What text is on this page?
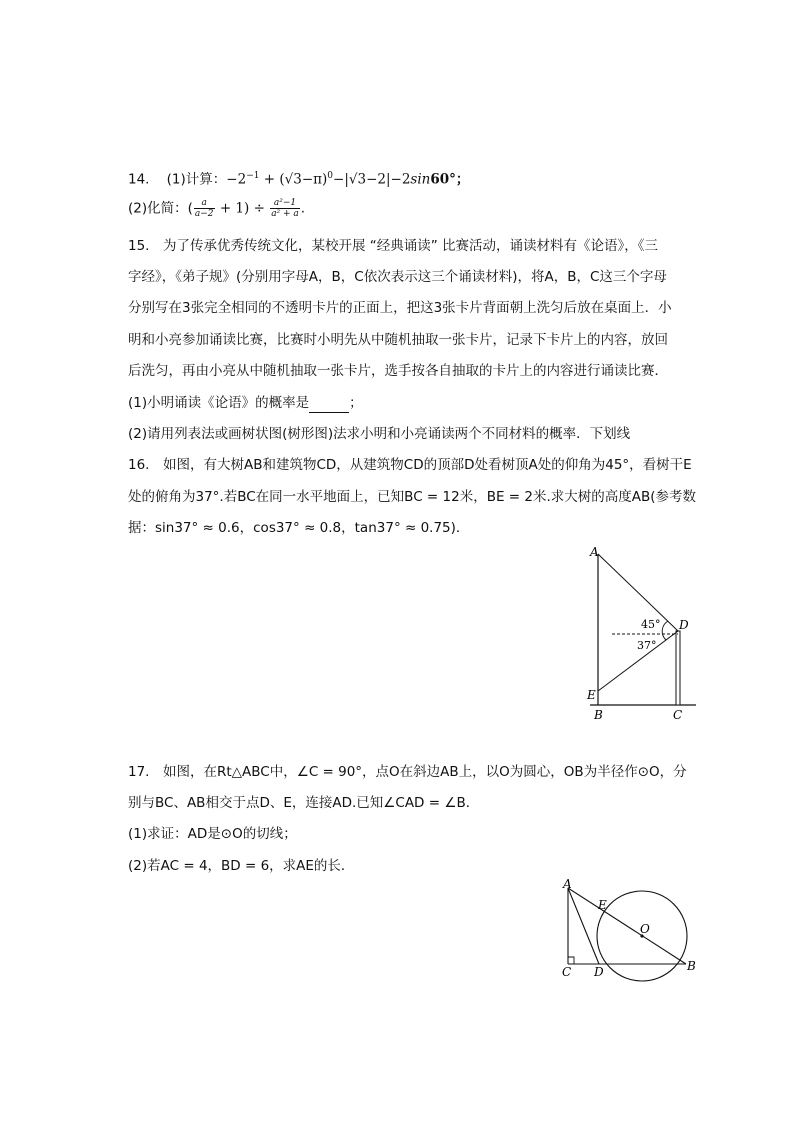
14. (1)计算：$-2^{-1} + (√3-\pi)^0-|√3-2|-2\sin 60^\circ$；
(2)化简：( $\frac{a}{a-2} + 1) \div \frac{\text{a²−1}}{\text{a² + a}}$ .
15.　为了传承优秀传统文化，某校开展 “经典诵读” 比赛活动，诵读材料有《论语》，《三
字经》，《弟子规》(分别用字母A，B，C依次表示这三个诵读材料)，将A，B，C这三个字母
分别写在3张完全相同的不透明卡片的正面上，把这3张卡片背面朝上洗匀后放在桌面上．小
明和小亮参加诵读比赛，比赛时小明先从中随机抽取一张卡片，记录下卡片上的内容，放回
后洗匀，再由小亮从中随机抽取一张卡片，选手按各自抽取的卡片上的内容进行诵读比赛．
(1)小明诵读《论语》的概率是	；
(2)请用列表法或画树状图(树形图)法求小明和小亮诵读两个不同材料的概率．下划线
16.　如图，有大树AB和建筑物CD，从建筑物CD的顶部D处看树顶A处的仰角为45°，看树干E
处的俯角为37°.若BC在同一水平地面上，已知BC = 12米，BE = 2米.求大树的高度AB(参考数
据：sin37° ≈ 0.6，cos37° ≈ 0.8，tan37° ≈ 0.75)．
A
E
B	C
D
45°
37°
17.　如图，在Rt△ABC中，∠C = 90°，点O在斜边AB上，以O为圆心，OB为半径作⊙O，分
别与BC、AB相交于点D、E，连接AD.已知∠CAD = ∠B．
(1)求证：AD是⊙O的切线；
(2)若AC = 4，BD = 6，求AE的长．
A
C D	B
E
O
